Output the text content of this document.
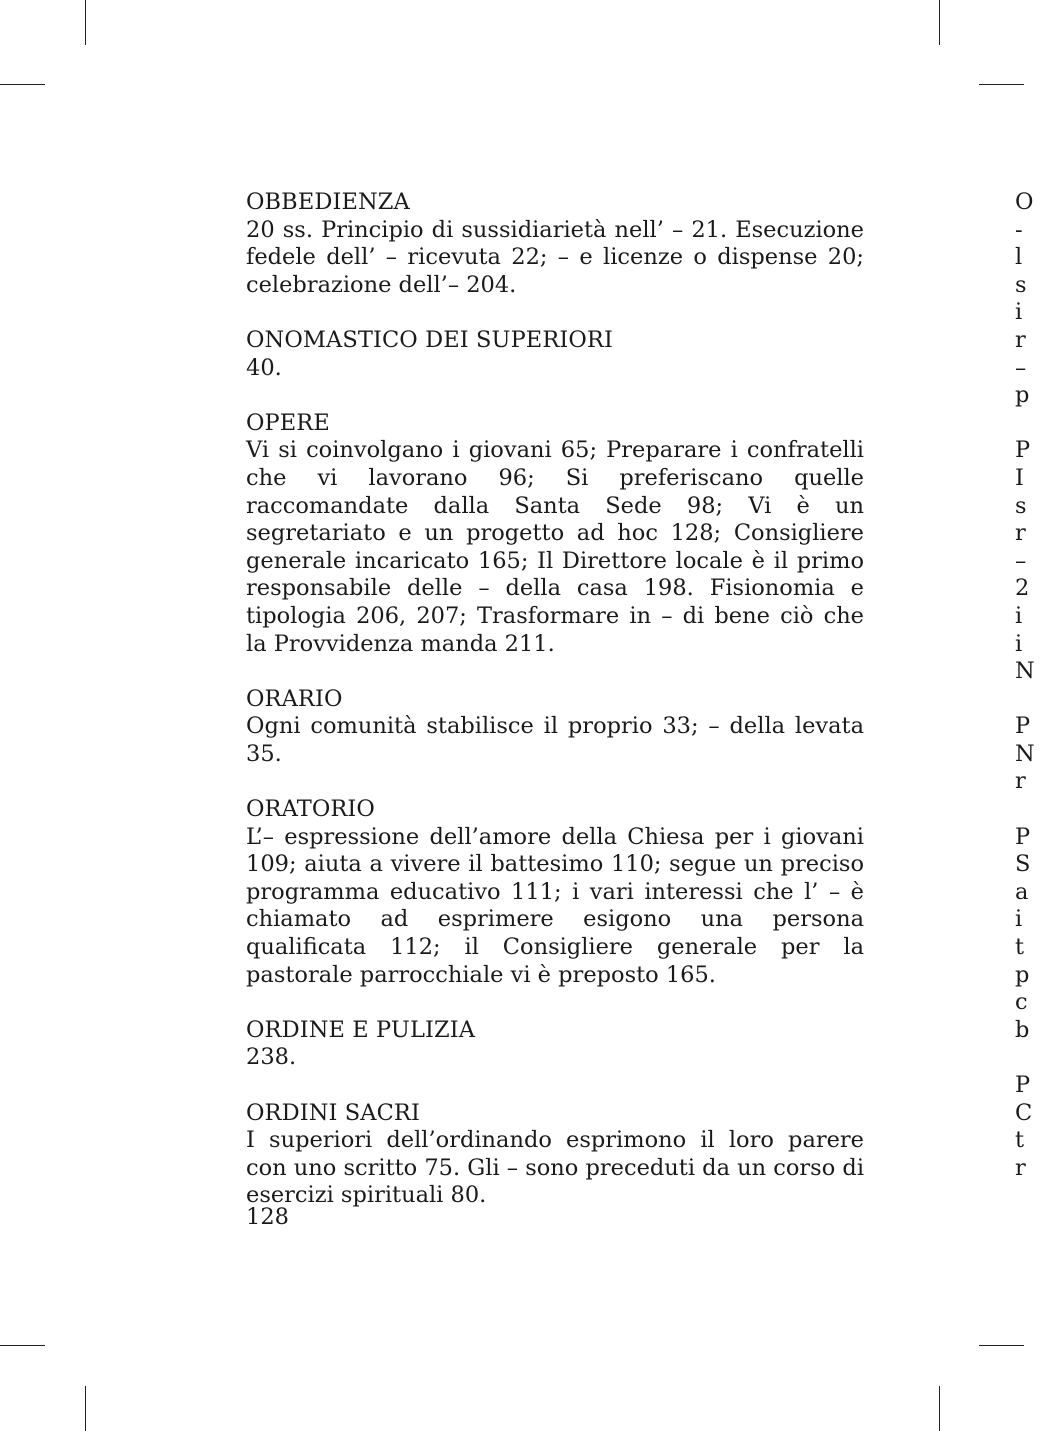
OBBEDIENZA
20 ss. Principio di sussidiarietà nell’ – 21. Esecuzione fedele dell’ – ricevuta 22; – e licenze o dispense 20; celebrazione dell’– 204.
ONOMASTICO DEI SUPERIORI
40.
OPERE
Vi si coinvolgano i giovani 65; Preparare i confratelli che vi lavorano 96; Si preferiscano quelle raccomandate dalla Santa Sede 98; Vi è un segretariato e un progetto ad hoc 128; Consigliere generale incaricato 165; Il Direttore locale è il primo responsabile delle – della casa 198. Fisionomia e tipologia 206, 207; Trasformare in – di bene ciò che la Provvidenza manda 211.
ORARIO
Ogni comunità stabilisce il proprio 33; – della levata 35.
ORATORIO
L’– espressione dell’amore della Chiesa per i giovani 109; aiuta a vivere il battesimo 110; segue un preciso programma educativo 111; i vari interessi che l’ – è chiamato ad esprimere esigono una persona qualificata 112; il Consigliere generale per la pastorale parrocchiale vi è preposto 165.
ORDINE E PULIZIA
238.
ORDINI SACRI
I superiori dell’ordinando esprimono il loro parere con uno scritto 75. Gli – sono preceduti da un corso di esercizi spirituali 80.
128
O
-
l
s
i
r
–
p
P
I
s
r
–
2
i
i
N
P
N
r
P
S
a
i
t
p
c
b
P
C
t
r
